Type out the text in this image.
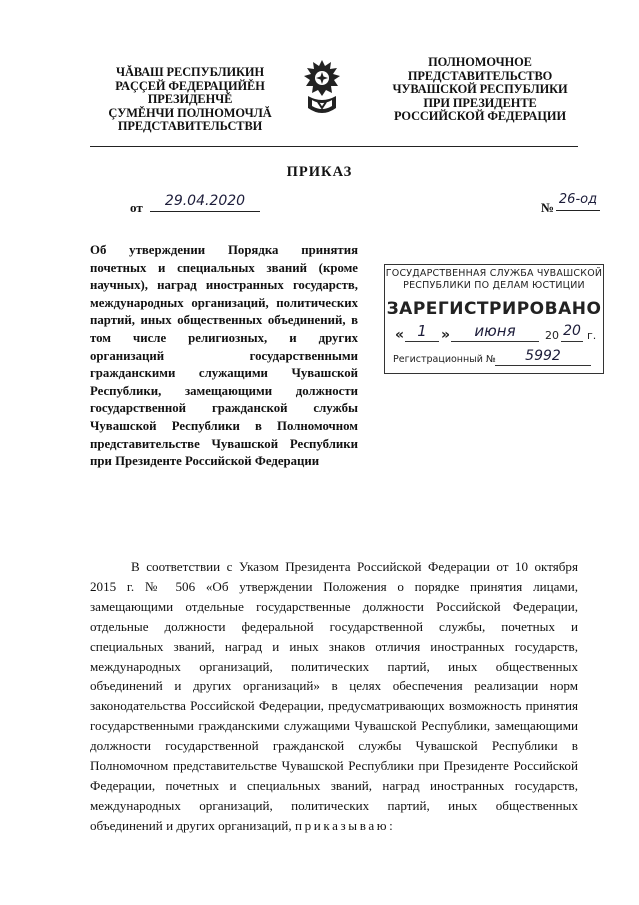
ЧĂВАШ РЕСПУБЛИКИН
РАÇÇЕЙ ФЕДЕРАЦИЙĚН
ПРЕЗИДЕНЧĚ
ÇУМĚНЧИ ПОЛНОМОЧЛĂ
ПРЕДСТАВИТЕЛЬСТВИ
ПОЛНОМОЧНОЕ
ПРЕДСТАВИТЕЛЬСТВО
ЧУВАШСКОЙ РЕСПУБЛИКИ
ПРИ ПРЕЗИДЕНТЕ
РОССИЙСКОЙ ФЕДЕРАЦИИ
ПРИКАЗ
от	29.04.2020	№
26-од
Об утверждении Порядка принятия почетных и специальных званий (кроме научных), наград иностранных государств, международных организаций, политических партий, иных общественных объединений, в том числе религиозных, и других организаций государственными гражданскими служащими Чувашской Республики, замещающими должности государственной гражданской службы Чувашской Республики в Полномочном представительстве Чувашской Республики при Президенте Российской Федерации
ГОСУДАРСТВЕННАЯ СЛУЖБА ЧУВАШСКОЙ
РЕСПУБЛИКИ ПО ДЕЛАМ ЮСТИЦИИ
ЗАРЕГИСТРИРОВАНО
« 1	»	июня	20 20 г.
Регистрационный №	5992
В соответствии с Указом Президента Российской Федерации от 10 октября 2015 г. № 506 «Об утверждении Положения о порядке принятия лицами, замещающими отдельные государственные должности Российской Федерации, отдельные должности федеральной государственной службы, почетных и специальных званий, наград и иных знаков отличия иностранных государств, международных организаций, политических партий, иных общественных объединений и других организаций» в целях обеспечения реализации норм законодательства Российской Федерации, предусматривающих возможность принятия государственными гражданскими служащими Чувашской Республики, замещающими должности государственной гражданской службы Чувашской Республики в Полномочном представительстве Чувашской Республики при Президенте Российской Федерации, почетных и специальных званий, наград иностранных государств, международных организаций, политических партий, иных общественных объединений и других организаций, приказываю:
